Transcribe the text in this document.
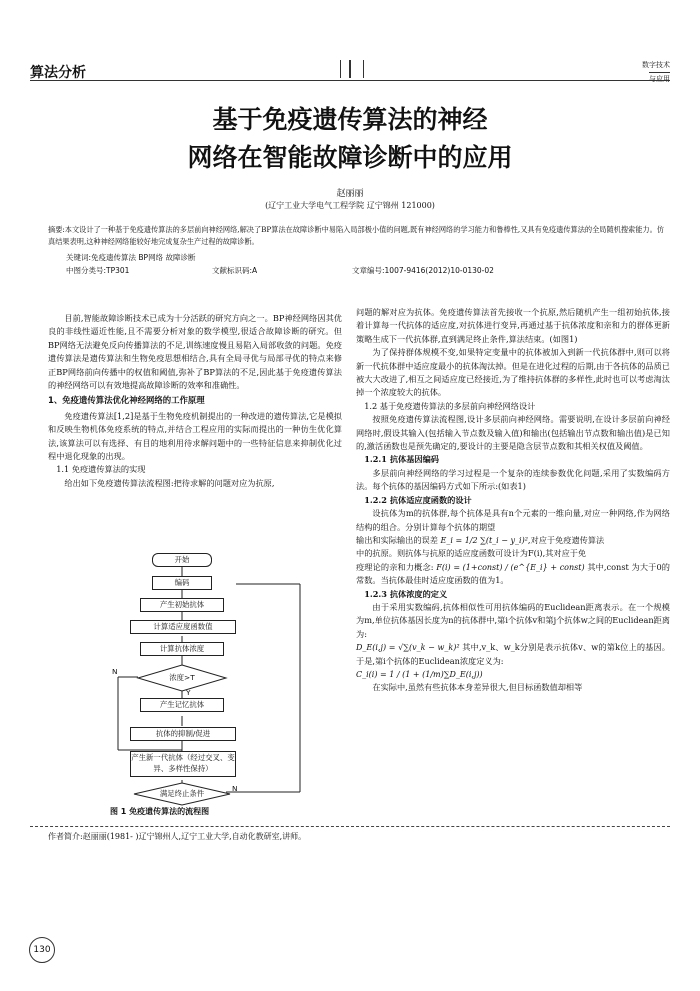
算法分析	数字技术
与应用
基于免疫遗传算法的神经
网络在智能故障诊断中的应用
赵丽丽
(辽宁工业大学电气工程学院 辽宁锦州 121000)
摘要:本文设计了一种基于免疫遗传算法的多层前向神经网络,解决了BP算法在故障诊断中易陷入局部极小值的问题,既有神经网络的学习能力和鲁棒性,又具有免疫遗传算法的全局随机搜索能力。仿真结果表明,这种神经网络能较好地完成复杂生产过程的故障诊断。
关键词:免疫遗传算法 BP网络 故障诊断
中图分类号:TP301	文献标识码:A	文章编号:1007-9416(2012)10-0130-02

目前,智能故障诊断技术已成为十分活跃的研究方向之一。BP神经网络因其优良的非线性逼近性能,且不需要分析对象的数学模型,很适合故障诊断的研究。但BP网络无法避免反向传播算法的不足,训练速度慢且易陷入局部收敛的问题。免疫遗传算法是遗传算法和生物免疫思想相结合,具有全局寻优与局部寻优的特点来修正BP网络前向传播中的权值和阈值,弥补了BP算法的不足,因此基于免疫遗传算法的神经网络可以有效地提高故障诊断的效率和准确性。

1、免疫遗传算法优化神经网络的工作原理

免疫遗传算法[1,2]是基于生物免疫机制提出的一种改进的遗传算法,它是模拟和反映生物机体免疫系统的特点,并结合工程应用的实际而提出的一种仿生优化算法,该算法可以有选择、有目的地利用待求解问题中的一些特征信息来抑制优化过程中退化现象的出现。

1.1 免疫遗传算法的实现

给出如下免疫遗传算法流程图:把待求解的问题对应为抗原,

开始
编码
产生初始抗体
计算适应度函数值
计算抗体浓度
浓度>T
N
Y
产生记忆抗体
抗体的抑制/促进
产生新一代抗体（经过交叉、变异、多样性保持）
满足终止条件
N
图 1 免疫遗传算法的流程图

问题的解对应为抗体。免疫遗传算法首先接收一个抗原,然后随机产生一组初始抗体,接着计算每一代抗体的适应度,对抗体进行变异,再通过基于抗体浓度和亲和力的群体更新策略生成下一代抗体群,直到满足终止条件,算法结束。(如图1)

为了保持群体规模不变,如果特定变量中的抗体被加入到新一代抗体群中,则可以将新一代抗体群中适应度最小的抗体淘汰掉。但是在进化过程的后期,由于各抗体的品质已被大大改进了,相互之间适应度已经接近,为了维持抗体群的多样性,此时也可以考虑淘汰掉一个浓度较大的抗体。

1.2 基于免疫遗传算法的多层前向神经网络设计

按照免疫遗传算法流程图,设计多层前向神经网络。需要说明,在设计多层前向神经网络时,假设其输入(包括输入节点数及输入值)和输出(包括输出节点数和输出值)是已知的,激活函数也是预先确定的,要设计的主要是隐含层节点数和其相关权值及阈值。

1.2.1 抗体基因编码

多层前向神经网络的学习过程是一个复杂的连续参数优化问题,采用了实数编码方法。每个抗体的基因编码方式如下所示:(如表1)

1.2.2 抗体适应度函数的设计

设抗体为m的抗体群,每个抗体是具有n个元素的一维向量,对应一种网络,作为网络结构的组合。分别计算每个抗体的期望

输出和实际输出的误差 E_i = 1/2 ∑(t_i − y_i)²,对应于免疫遗传算法

中的抗原。则抗体与抗原的适应度函数可设计为F(i),其对应于免

疫理论的亲和力概念: F(i) = (1+const) / (e^{E_i} + const) 其中,const 为大于0的常数。当抗体最佳时适应度函数的值为1。

1.2.3 抗体浓度的定义

由于采用实数编码,抗体相似性可用抗体编码的Euclidean距离表示。在一个规模为m,单位抗体基因长度为n的抗体群中,第i个抗体v和第j个抗体w之间的Euclidean距离为:

D_E(i,j) = √∑(v_k − w_k)² 其中,v_k、w_k分别是表示抗体v、w的第k位上的基因。于是,第i个抗体的Euclidean浓度定义为:

C_i(i) = 1 / (1 + (1/m)∑D_E(i,j))

在实际中,虽然有些抗体本身差异很大,但目标函数值却相等

作者简介:赵丽丽(1981- )辽宁锦州人,辽宁工业大学,自动化教研室,讲师。
130
